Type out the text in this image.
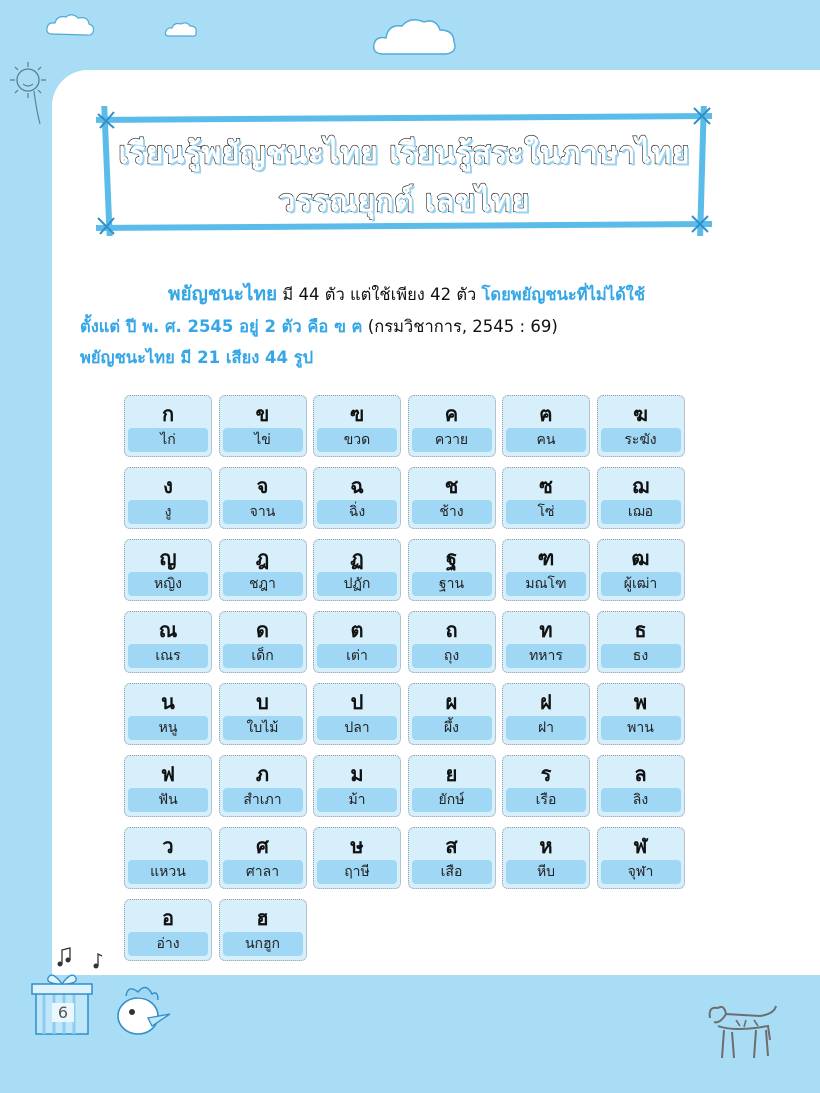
เรียนรู้พยัญชนะไทย เรียนรู้สระในภาษาไทย
วรรณยุกต์ เลขไทย
พยัญชนะไทย มี 44 ตัว แต่ใช้เพียง 42 ตัว โดยพยัญชนะที่ไม่ได้ใช้
ตั้งแต่ ปี พ. ศ. 2545 อยู่ 2 ตัว คือ ฃ ฅ (กรมวิชาการ, 2545 : 69)
พยัญชนะไทย มี 21 เสียง 44 รูป
ก
ไก่
ข
ไข่
ฃ
ขวด
ค
ควาย
ฅ
คน
ฆ
ระฆัง
ง
งู
จ
จาน
ฉ
ฉิ่ง
ช
ช้าง
ซ
โซ่
ฌ
เฌอ
ญ
หญิง
ฎ
ชฎา
ฏ
ปฏัก
ฐ
ฐาน
ฑ
มณโฑ
ฒ
ผู้เฒ่า
ณ
เณร
ด
เด็ก
ต
เต่า
ถ
ถุง
ท
ทหาร
ธ
ธง
น
หนู
บ
ใบไม้
ป
ปลา
ผ
ผึ้ง
ฝ
ฝา
พ
พาน
ฟ
ฟัน
ภ
สำเภา
ม
ม้า
ย
ยักษ์
ร
เรือ
ล
ลิง
ว
แหวน
ศ
ศาลา
ษ
ฤาษี
ส
เสือ
ห
หีบ
ฬ
จุฬา
อ
อ่าง
ฮ
นกฮูก
6
